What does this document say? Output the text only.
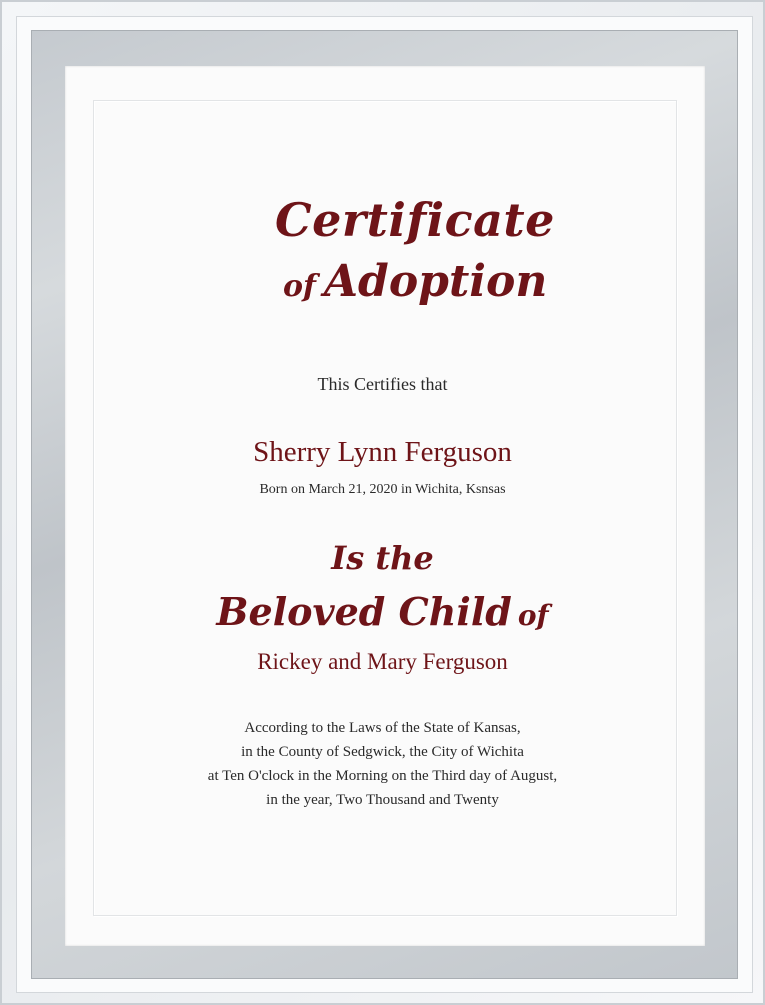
Certificate
of Adoption
This Certifies that
Sherry Lynn Ferguson
Born on March 21, 2020 in Wichita, Ksnsas
Is the
Beloved Child of
Rickey and Mary Ferguson
According to the Laws of the State of Kansas,
in the County of Sedgwick, the City of Wichita
at Ten O'clock in the Morning on the Third day of August,
in the year, Two Thousand and Twenty
